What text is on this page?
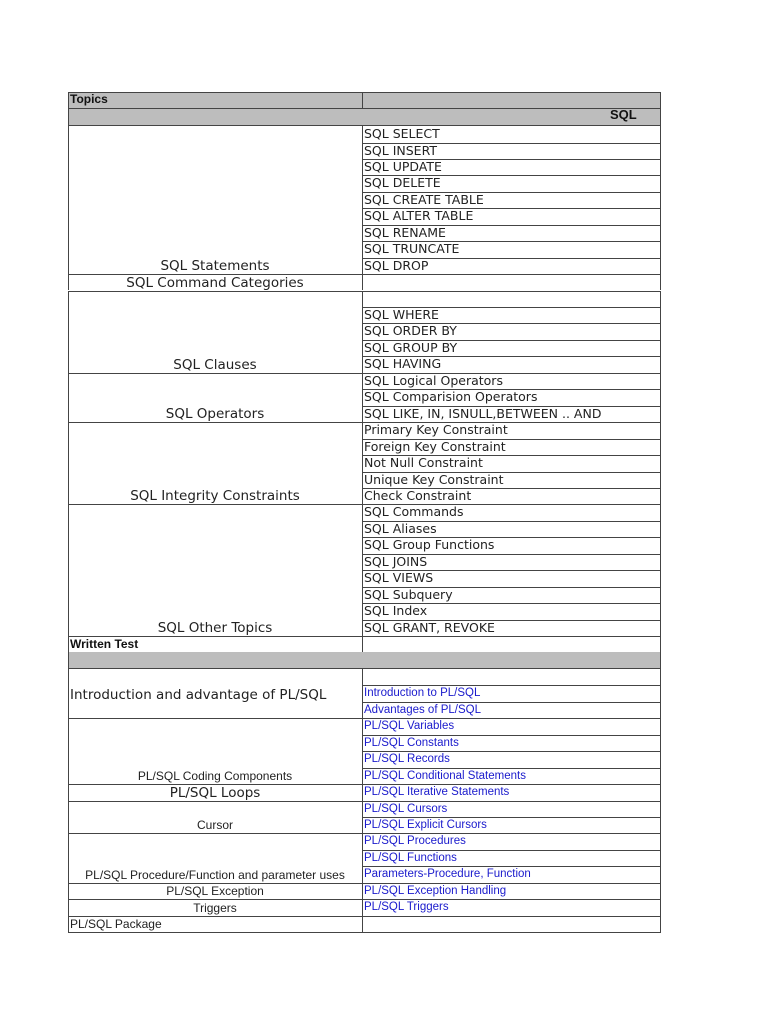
Topics
SQL
SQL SELECT
SQL INSERT
SQL UPDATE
SQL DELETE
SQL CREATE TABLE
SQL ALTER TABLE
SQL RENAME
SQL TRUNCATE
SQL DROP
SQL Statements
SQL Command Categories
SQL WHERE
SQL ORDER BY
SQL GROUP BY
SQL HAVING
SQL Clauses
SQL Logical Operators
SQL Comparision Operators
SQL LIKE, IN, ISNULL,BETWEEN .. AND
SQL Operators
Primary Key Constraint
Foreign Key Constraint
Not Null Constraint
Unique Key Constraint
Check Constraint
SQL Integrity Constraints
SQL Commands
SQL Aliases
SQL Group Functions
SQL JOINS
SQL VIEWS
SQL Subquery
SQL Index
SQL GRANT, REVOKE
SQL Other Topics
Written Test
Introduction to PL/SQL
Advantages of PL/SQL
Introduction and advantage of PL/SQL
PL/SQL Variables
PL/SQL Constants
PL/SQL Records
PL/SQL Conditional Statements
PL/SQL Coding Components
PL/SQL Iterative Statements
PL/SQL Loops
PL/SQL Cursors
PL/SQL Explicit Cursors
Cursor
PL/SQL Procedures
PL/SQL Functions
Parameters-Procedure, Function
PL/SQL Procedure/Function and parameter uses
PL/SQL Exception Handling
PL/SQL Exception
PL/SQL Triggers
Triggers
PL/SQL Package
